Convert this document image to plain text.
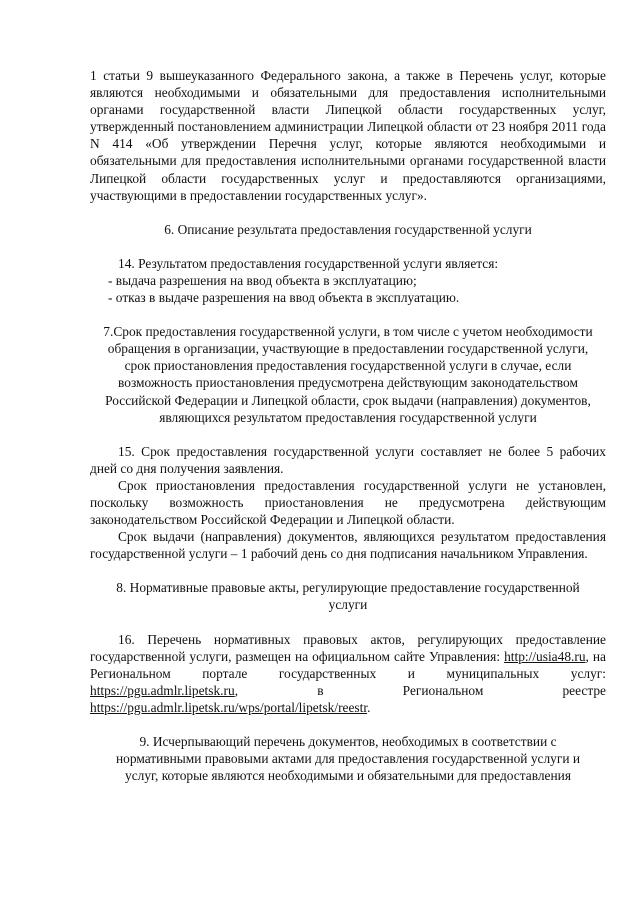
1 статьи 9 вышеуказанного Федерального закона, а также в Перечень услуг, которые являются необходимыми и обязательными для предоставления исполнительными органами государственной власти Липецкой области государственных услуг, утвержденный постановлением администрации Липецкой области от 23 ноября 2011 года N 414 «Об утверждении Перечня услуг, которые являются необходимыми и обязательными для предоставления исполнительными органами государственной власти Липецкой области государственных услуг и предоставляются организациями, участвующими в предоставлении государственных услуг».

6. Описание результата предоставления государственной услуги

14. Результатом предоставления государственной услуги является:

- выдача разрешения на ввод объекта в эксплуатацию;

- отказ в выдаче разрешения на ввод объекта в эксплуатацию.

7.Срок предоставления государственной услуги, в том числе с учетом необходимости обращения в организации, участвующие в предоставлении государственной услуги, срок приостановления предоставления государственной услуги в случае, если возможность приостановления предусмотрена действующим законодательством Российской Федерации и Липецкой области, срок выдачи (направления) документов, являющихся результатом предоставления государственной услуги

15. Срок предоставления государственной услуги составляет не более 5 рабочих дней со дня получения заявления.

Срок приостановления предоставления государственной услуги не установлен, поскольку возможность приостановления не предусмотрена действующим законодательством Российской Федерации и Липецкой области.

Срок выдачи (направления) документов, являющихся результатом предоставления государственной услуги – 1 рабочий день со дня подписания начальником Управления.

8. Нормативные правовые акты, регулирующие предоставление государственной услуги

16. Перечень нормативных правовых актов, регулирующих предоставление государственной услуги, размещен на официальном сайте Управления: http://usia48.ru, на Региональном портале государственных и муниципальных услуг: https://pgu.admlr.lipetsk.ru, в Региональном реестре https://pgu.admlr.lipetsk.ru/wps/portal/lipetsk/reestr.

9. Исчерпывающий перечень документов, необходимых в соответствии с нормативными правовыми актами для предоставления государственной услуги и услуг, которые являются необходимыми и обязательными для предоставления
